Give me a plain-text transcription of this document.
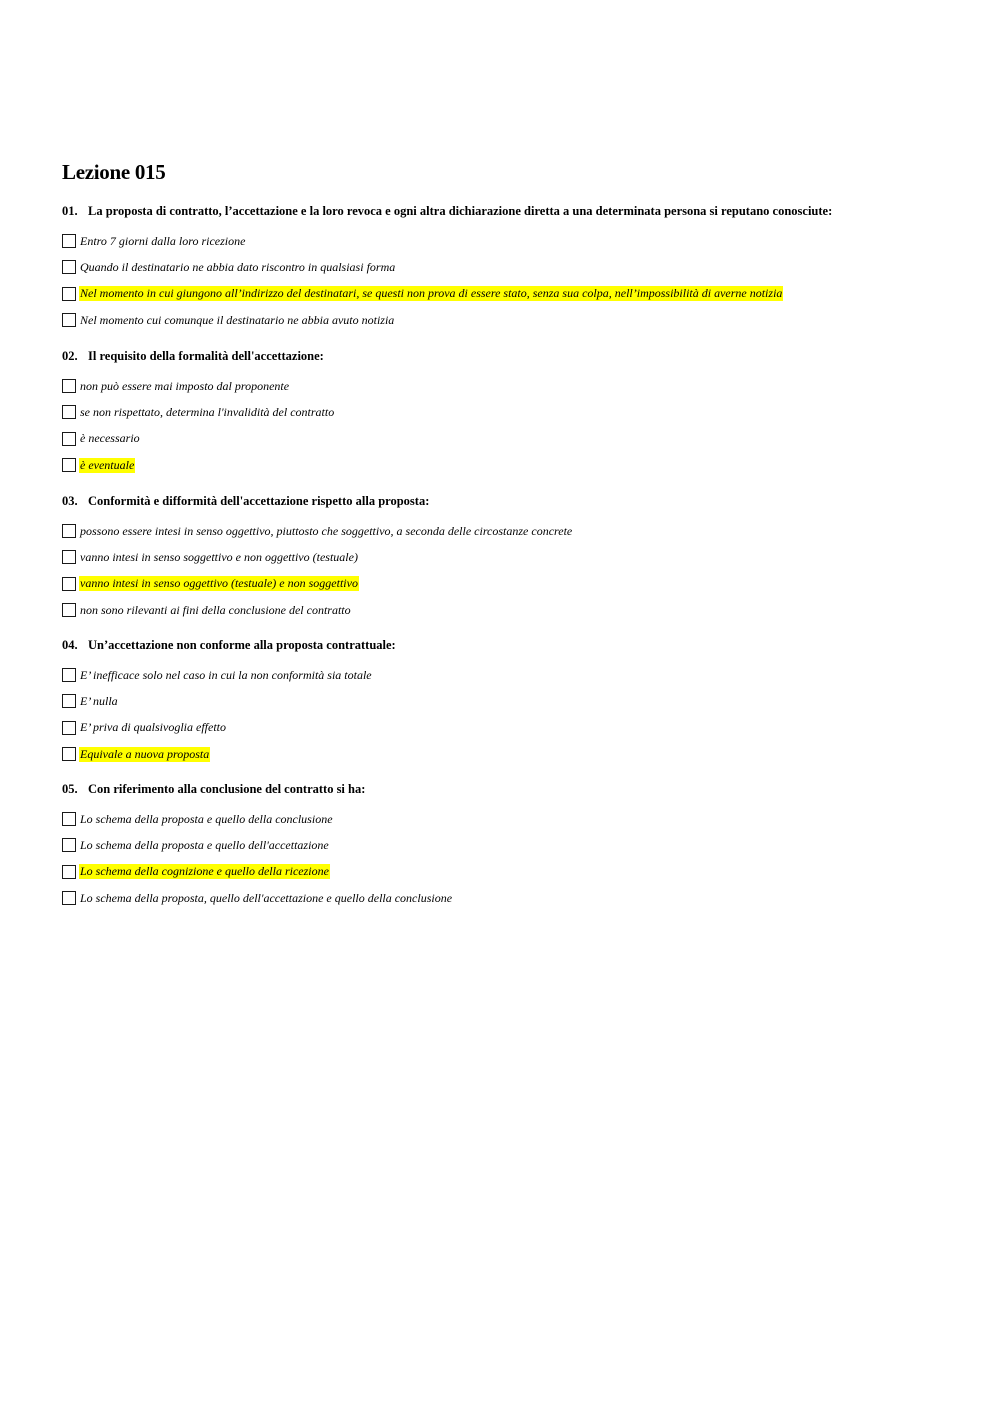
Lezione 015
01. La proposta di contratto, l’accettazione e la loro revoca e ogni altra dichiarazione diretta a una determinata persona si reputano conosciute:
Entro 7 giorni dalla loro ricezione
Quando il destinatario ne abbia dato riscontro in qualsiasi forma
Nel momento in cui giungono all’indirizzo del destinatari, se questi non prova di essere stato, senza sua colpa, nell’impossibilità di averne notizia
Nel momento cui comunque il destinatario ne abbia avuto notizia
02. Il requisito della formalità dell'accettazione:
non può essere mai imposto dal proponente
se non rispettato, determina l'invalidità del contratto
è necessario
è eventuale
03. Conformità e difformità dell'accettazione rispetto alla proposta:
possono essere intesi in senso oggettivo, piuttosto che soggettivo, a seconda delle circostanze concrete
vanno intesi in senso soggettivo e non oggettivo (testuale)
vanno intesi in senso oggettivo (testuale) e non soggettivo
non sono rilevanti ai fini della conclusione del contratto
04. Un’accettazione non conforme alla proposta contrattuale:
E’ inefficace solo nel caso in cui la non conformità sia totale
E’ nulla
E’ priva di qualsivoglia effetto
Equivale a nuova proposta
05. Con riferimento alla conclusione del contratto si ha:
Lo schema della proposta e quello della conclusione
Lo schema della proposta e quello dell'accettazione
Lo schema della cognizione e quello della ricezione
Lo schema della proposta, quello dell'accettazione e quello della conclusione
